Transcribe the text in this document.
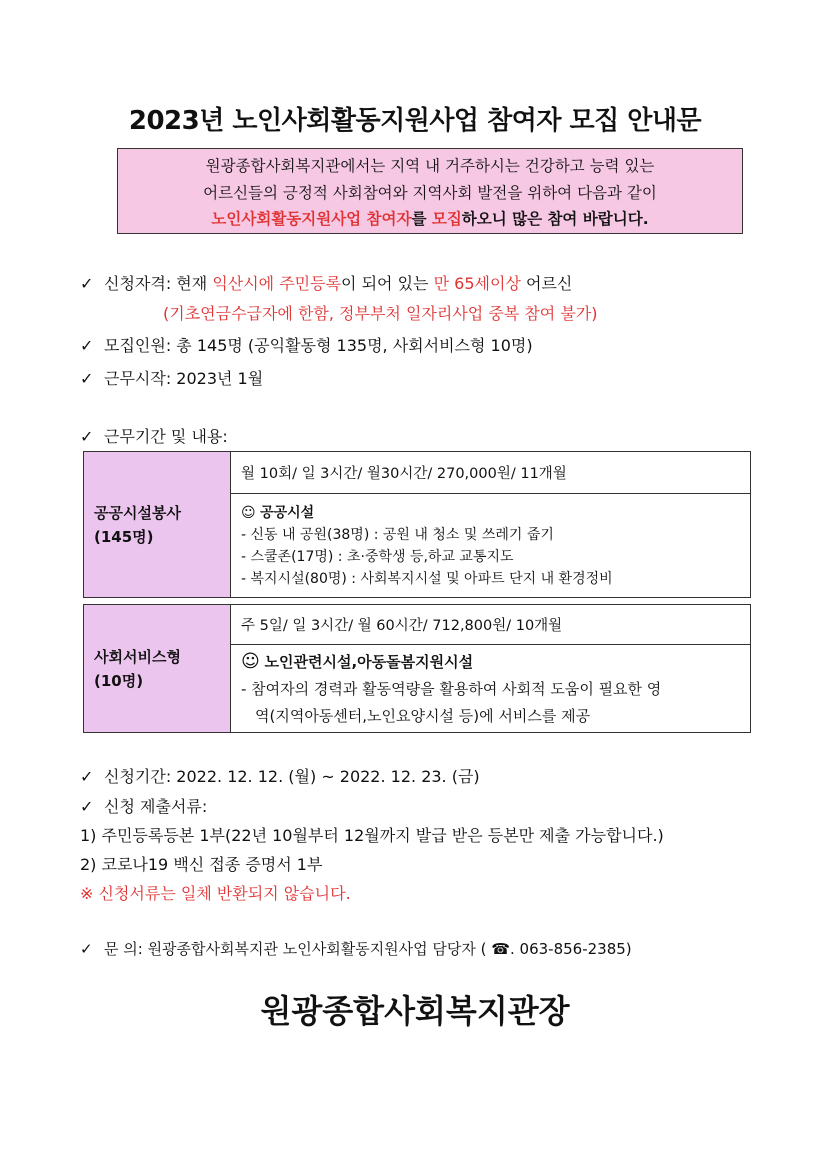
2023년 노인사회활동지원사업 참여자 모집 안내문
원광종합사회복지관에서는 지역 내 거주하시는 건강하고 능력 있는
어르신들의 긍정적 사회참여와 지역사회 발전을 위하여 다음과 같이
노인사회활동지원사업 참여자를 모집하오니 많은 참여 바랍니다.
✓ 신청자격: 현재 익산시에 주민등록이 되어 있는 만 65세이상 어르신
(기초연금수급자에 한함, 정부부처 일자리사업 중복 참여 불가)
✓ 모집인원: 총 145명 (공익활동형 135명, 사회서비스형 10명)
✓ 근무시작: 2023년 1월
✓ 근무기간 및 내용:
공공시설봉사
(145명)
	월 10회/ 일 3시간/ 월30시간/ 270,000원/ 11개월

☺ 공공시설
- 신동 내 공원(38명) : 공원 내 청소 및 쓰레기 줍기
- 스쿨존(17명) : 초·중학생 등,하교 교통지도
- 복지시설(80명) : 사회복지시설 및 아파트 단지 내 환경정비
사회서비스형
(10명)
	주 5일/ 일 3시간/ 월 60시간/ 712,800원/ 10개월

☺ 노인관련시설,아동돌봄지원시설
- 참여자의 경력과 활동역량을 활용하여 사회적 도움이 필요한 영
역(지역아동센터,노인요양시설 등)에 서비스를 제공
✓ 신청기간: 2022. 12. 12. (월) ~ 2022. 12. 23. (금)
✓ 신청 제출서류:
1) 주민등록등본 1부(22년 10월부터 12월까지 발급 받은 등본만 제출 가능합니다.)
2) 코로나19 백신 접종 증명서 1부
※ 신청서류는 일체 반환되지 않습니다.
✓ 문 의: 원광종합사회복지관 노인사회활동지원사업 담당자 ( ☎. 063-856-2385)
원광종합사회복지관장
